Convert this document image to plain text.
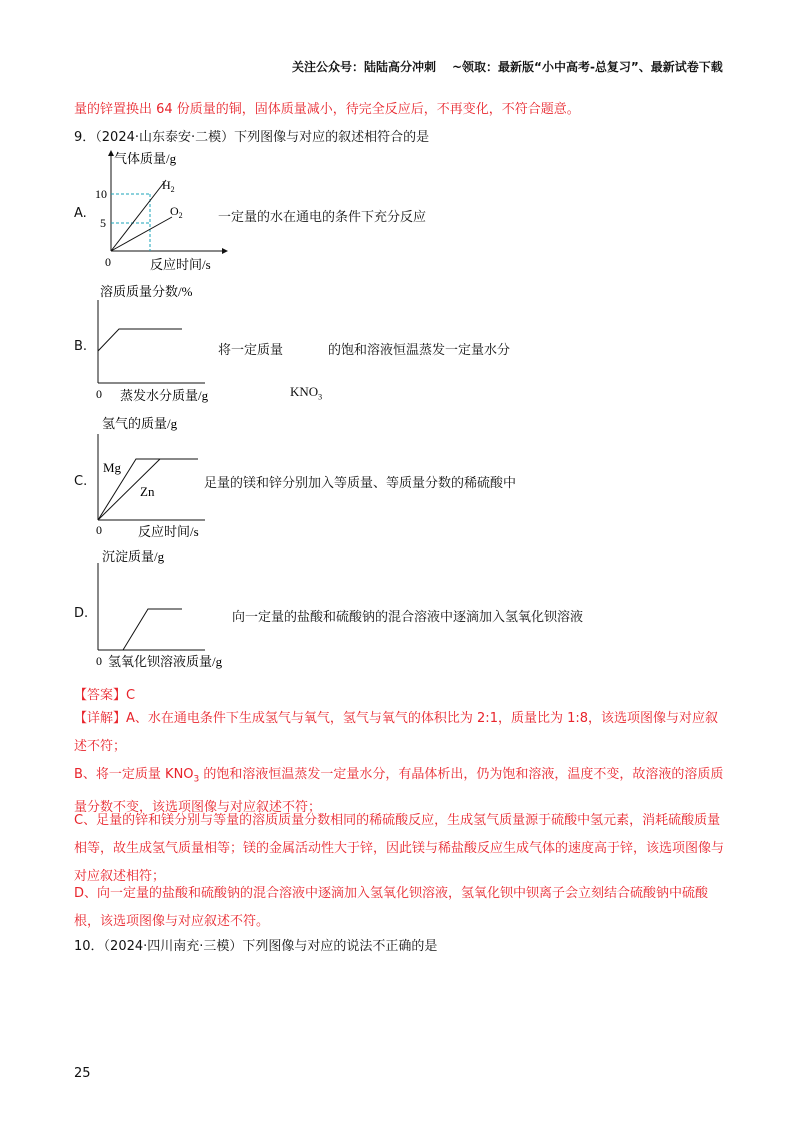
关注公众号：陆陆高分冲刺 ~领取：最新版“小中高考-总复习”、最新试卷下载
量的锌置换出 64 份质量的铜，固体质量减小，待完全反应后，不再变化，不符合题意。
9．（2024·山东泰安·二模）下列图像与对应的叙述相符合的是
A.
气体质量/g
10
5
0	反应时间/s
$H_2$
$O_2$	一定量的水在通电的条件下充分反应
B.
溶质质量分数/%
0 蒸发水分质量/g
将一定质量	的饱和溶液恒温蒸发一定量水分
$KNO_3$
C.
氢气的质量/g
Mg
Zn
0	反应时间/s
足量的镁和锌分别加入等质量、等质量分数的稀硫酸中
D.
沉淀质量/g
0 氢氧化钡溶液质量/g
向一定量的盐酸和硫酸钠的混合溶液中逐滴加入氢氧化钡溶液
【答案】C
【详解】A、水在通电条件下生成氢气与氧气，氢气与氧气的体积比为 2:1，质量比为 1:8，该选项图像与对应叙述不符；
B、将一定质量 $KNO_3$ 的饱和溶液恒温蒸发一定量水分，有晶体析出，仍为饱和溶液，温度不变，故溶液的溶质质量分数不变，该选项图像与对应叙述不符；
C、足量的锌和镁分别与等量的溶质质量分数相同的稀硫酸反应，生成氢气质量源于硫酸中氢元素，消耗硫酸质量相等，故生成氢气质量相等；镁的金属活动性大于锌，因此镁与稀盐酸反应生成气体的速度高于锌，该选项图像与对应叙述相符；
D、向一定量的盐酸和硫酸钠的混合溶液中逐滴加入氢氧化钡溶液，氢氧化钡中钡离子会立刻结合硫酸钠中硫酸根，该选项图像与对应叙述不符。
10．（2024·四川南充·三模）下列图像与对应的说法不正确的是
25
